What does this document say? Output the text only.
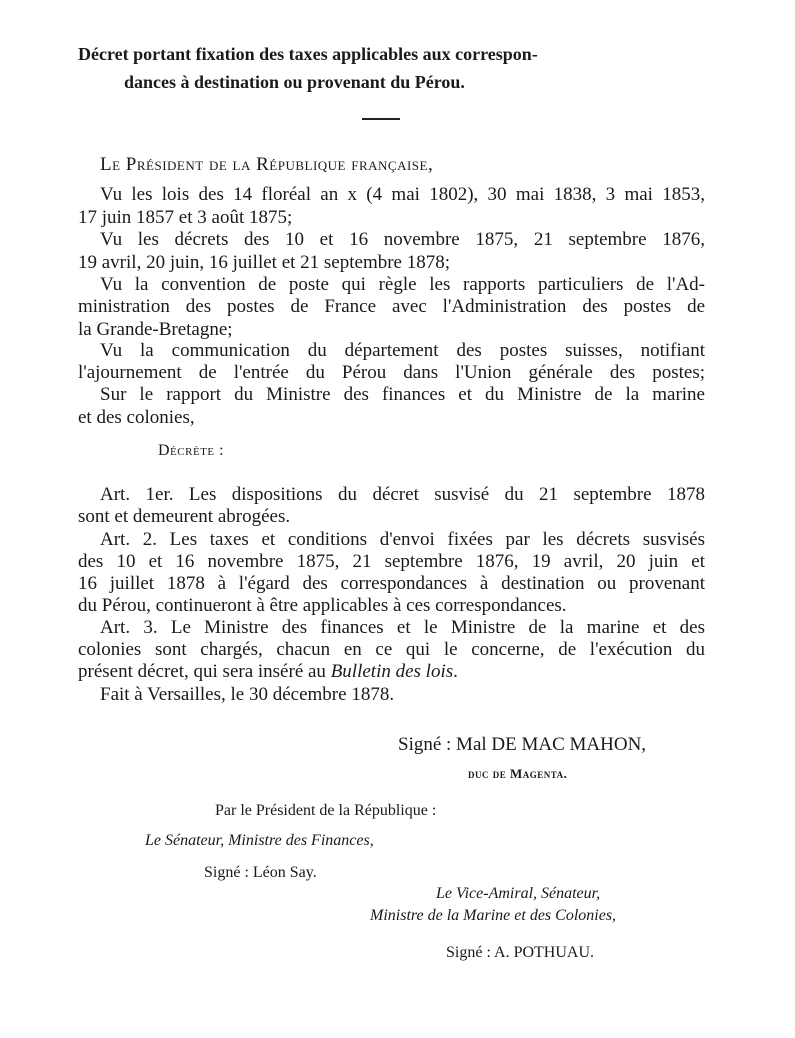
Décret portant fixation des taxes applicables aux correspon-
dances à destination ou provenant du Pérou.
Le Président de la République française,
Vu les lois des 14 floréal an x (4 mai 1802), 30 mai 1838, 3 mai 1853,
17 juin 1857 et 3 août 1875;
Vu les décrets des 10 et 16 novembre 1875, 21 septembre 1876,
19 avril, 20 juin, 16 juillet et 21 septembre 1878;
Vu la convention de poste qui règle les rapports particuliers de l'Ad-
ministration des postes de France avec l'Administration des postes de
la Grande-Bretagne;
Vu la communication du département des postes suisses, notifiant
l'ajournement de l'entrée du Pérou dans l'Union générale des postes;
Sur le rapport du Ministre des finances et du Ministre de la marine
et des colonies,
Décrète :
Art. 1er. Les dispositions du décret susvisé du 21 septembre 1878
sont et demeurent abrogées.
Art. 2. Les taxes et conditions d'envoi fixées par les décrets susvisés
des 10 et 16 novembre 1875, 21 septembre 1876, 19 avril, 20 juin et
16 juillet 1878 à l'égard des correspondances à destination ou provenant
du Pérou, continueront à être applicables à ces correspondances.
Art. 3. Le Ministre des finances et le Ministre de la marine et des
colonies sont chargés, chacun en ce qui le concerne, de l'exécution du
présent décret, qui sera inséré au Bulletin des lois.
Fait à Versailles, le 30 décembre 1878.
Signé : Mal DE MAC MAHON,
duc de Magenta.
Par le Président de la République :
Le Sénateur, Ministre des Finances,
Signé : Léon Say.
Le Vice-Amiral, Sénateur,
Ministre de la Marine et des Colonies,
Signé : A. POTHUAU.
